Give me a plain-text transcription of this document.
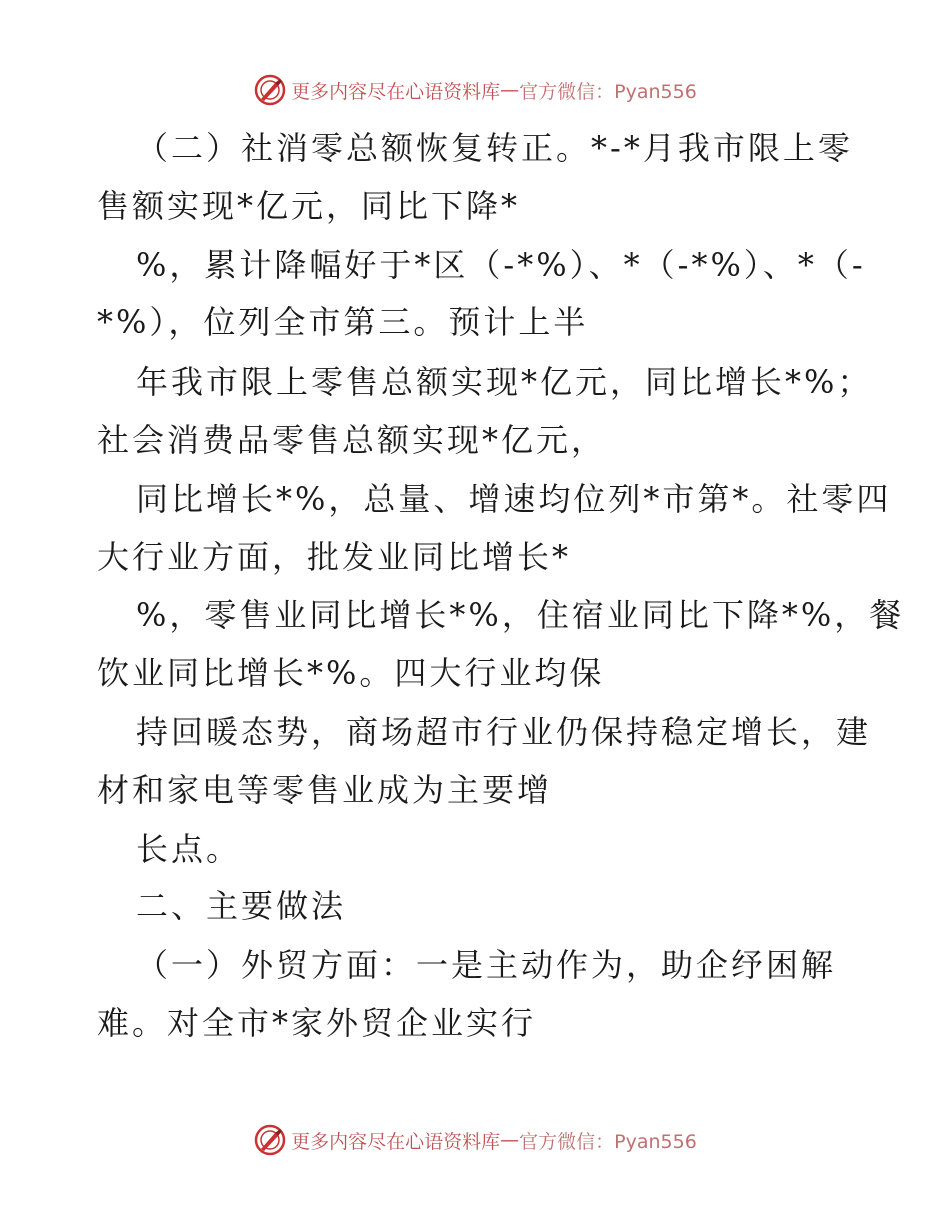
更多内容尽在心语资料库 — 官方微信：Pyan556
（二）社消零总额恢复转正。*-*月我市限上零
售额实现*亿元，同比下降*
%，累计降幅好于*区（-*%）、*（-*%）、*（-
*%），位列全市第三。预计上半
年我市限上零售总额实现*亿元，同比增长*%；
社会消费品零售总额实现*亿元，
同比增长*%，总量、增速均位列*市第*。社零四
大行业方面，批发业同比增长*
%，零售业同比增长*%，住宿业同比下降*%，餐
饮业同比增长*%。四大行业均保
持回暖态势，商场超市行业仍保持稳定增长，建
材和家电等零售业成为主要增
长点。
二、主要做法
（一）外贸方面：一是主动作为，助企纾困解
难。对全市*家外贸企业实行
更多内容尽在心语资料库 — 官方微信：Pyan556
